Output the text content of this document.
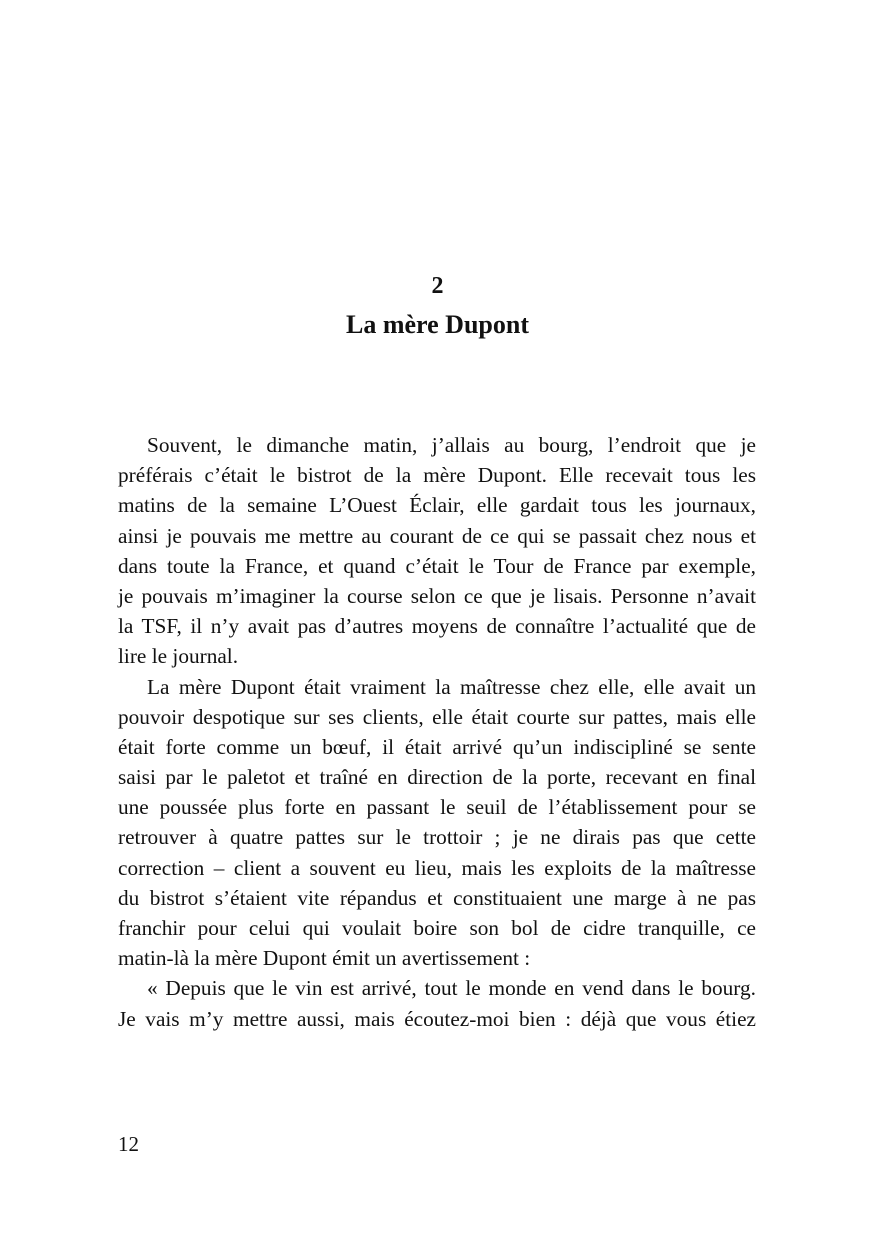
2
La mère Dupont
Souvent, le dimanche matin, j’allais au bourg, l’endroit que je
préférais c’était le bistrot de la mère Dupont. Elle recevait tous les
matins de la semaine L’Ouest Éclair, elle gardait tous les journaux,
ainsi je pouvais me mettre au courant de ce qui se passait chez nous et
dans toute la France, et quand c’était le Tour de France par exemple,
je pouvais m’imaginer la course selon ce que je lisais. Personne n’avait
la TSF, il n’y avait pas d’autres moyens de connaître l’actualité que de
lire le journal.
La mère Dupont était vraiment la maîtresse chez elle, elle avait un
pouvoir despotique sur ses clients, elle était courte sur pattes, mais elle
était forte comme un bœuf, il était arrivé qu’un indiscipliné se sente
saisi par le paletot et traîné en direction de la porte, recevant en final
une poussée plus forte en passant le seuil de l’établissement pour se
retrouver à quatre pattes sur le trottoir ; je ne dirais pas que cette
correction – client a souvent eu lieu, mais les exploits de la maîtresse
du bistrot s’étaient vite répandus et constituaient une marge à ne pas
franchir pour celui qui voulait boire son bol de cidre tranquille, ce
matin-là la mère Dupont émit un avertissement :
« Depuis que le vin est arrivé, tout le monde en vend dans le bourg.
Je vais m’y mettre aussi, mais écoutez-moi bien : déjà que vous étiez
12
